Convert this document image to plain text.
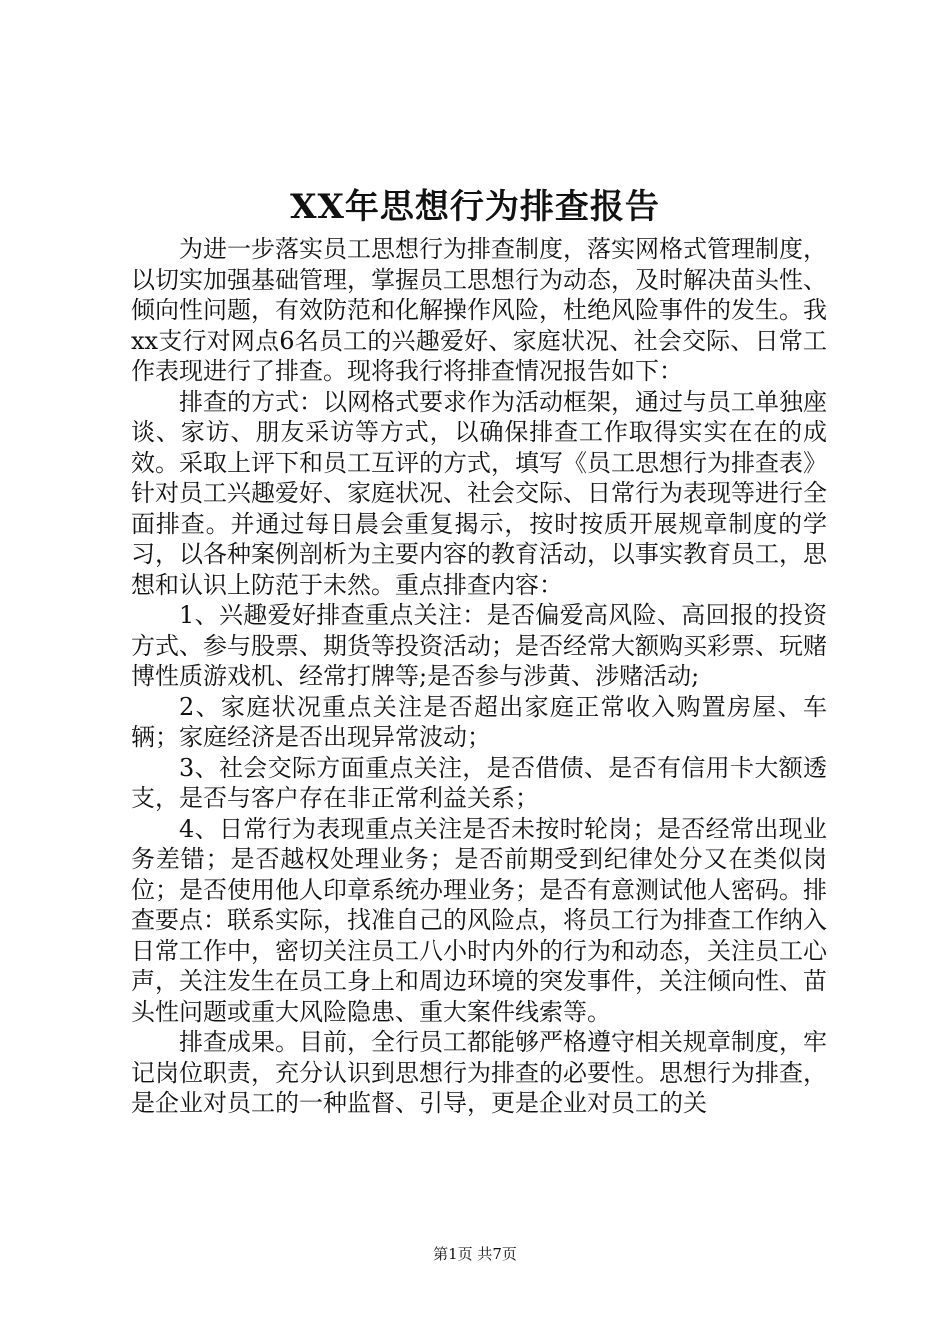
XX年思想行为排查报告

为进一步落实员工思想行为排查制度，落实网格式管理制度，以切实加强基础管理，掌握员工思想行为动态，及时解决苗头性、倾向性问题，有效防范和化解操作风险，杜绝风险事件的发生。我xx支行对网点6名员工的兴趣爱好、家庭状况、社会交际、日常工作表现进行了排查。现将我行将排查情况报告如下：

排查的方式：以网格式要求作为活动框架，通过与员工单独座谈、家访、朋友采访等方式，以确保排查工作取得实实在在的成效。采取上评下和员工互评的方式，填写《员工思想行为排查表》针对员工兴趣爱好、家庭状况、社会交际、日常行为表现等进行全面排查。并通过每日晨会重复揭示，按时按质开展规章制度的学习，以各种案例剖析为主要内容的教育活动，以事实教育员工，思想和认识上防范于未然。重点排查内容：

1、兴趣爱好排查重点关注：是否偏爱高风险、高回报的投资方式、参与股票、期货等投资活动；是否经常大额购买彩票、玩赌博性质游戏机、经常打牌等;是否参与涉黄、涉赌活动;

2、家庭状况重点关注是否超出家庭正常收入购置房屋、车辆；家庭经济是否出现异常波动；

3、社会交际方面重点关注，是否借债、是否有信用卡大额透支，是否与客户存在非正常利益关系；

4、日常行为表现重点关注是否未按时轮岗；是否经常出现业务差错；是否越权处理业务；是否前期受到纪律处分又在类似岗位；是否使用他人印章系统办理业务；是否有意测试他人密码。排查要点：联系实际，找准自己的风险点，将员工行为排查工作纳入日常工作中，密切关注员工八小时内外的行为和动态，关注员工心声，关注发生在员工身上和周边环境的突发事件，关注倾向性、苗头性问题或重大风险隐患、重大案件线索等。

排查成果。目前，全行员工都能够严格遵守相关规章制度，牢记岗位职责，充分认识到思想行为排查的必要性。思想行为排查，是企业对员工的一种监督、引导，更是企业对员工的关

第1页 共7页
